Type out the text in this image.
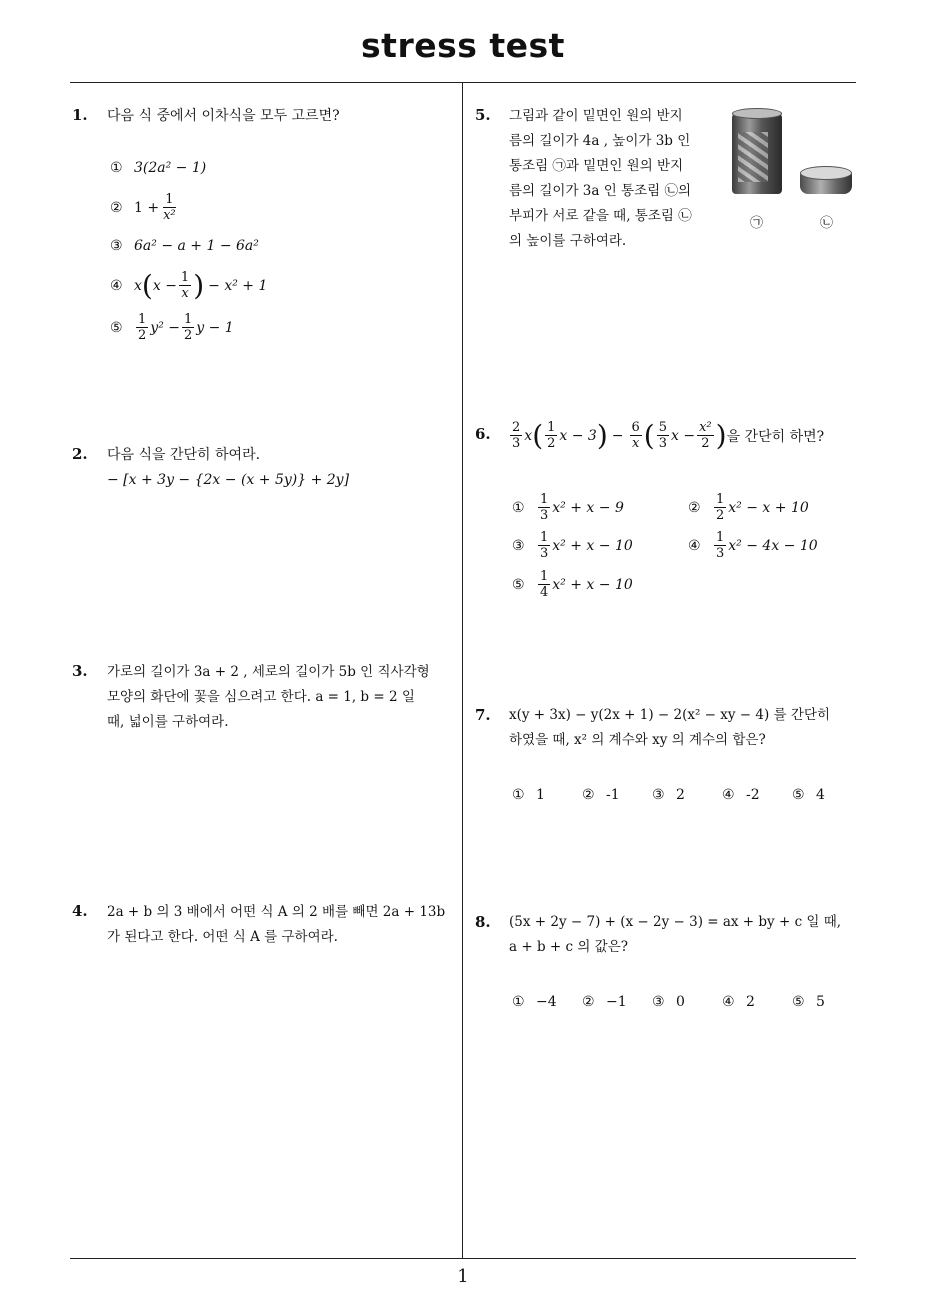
stress test
1
1. 다음 식 중에서 이차식을 모두 고르면?
① 3(2a² − 1)
② $1 + \frac{1}{\text{x²}}$
③ 6a² − a + 1 − 6a²
④ x ( $x - \frac{1}{x}$ ) − x² + 1
⑤	$\frac{1}{2} y^2 - \frac{1}{2}$ y − 1
2. 다음 식을 간단히 하여라.
− [x + 3y − {2x − (x + 5y)} + 2y]
3. 가로의 길이가 3a + 2 , 세로의 길이가 5b 인 직사각형
모양의 화단에 꽃을 심으려고 한다. a = 1, b = 2 일
때, 넓이를 구하여라.
4. 2a + b 의 3 배에서 어떤 식 A 의 2 배를 빼면 2a + 13b
가 된다고 한다. 어떤 식 A 를 구하여라.
5. 그림과 같이 밑면인 원의 반지
름의 길이가 4a , 높이가 3b 인
통조림 ㉠과 밑면인 원의 반지
름의 길이가 3a 인 통조림 ㉡의
부피가 서로 같을 때, 통조림 ㉡
의 높이를 구하여라.
㉠	㉡
6. $\frac{2}{3}$ x ( $\frac{1}{2}$ x − 3 ) − $\frac{6}{x}$ ( $\frac{5}{3}$ $x - \frac{\text{x²}}{2}$ ) 을 간단히 하면?
①	$\frac{1}{3} x^2 + x - 9$	②	$\frac{1}{2} x^2 - x + 10$
③	$\frac{1}{3} x^2 + x - 10$	④	$\frac{1}{3} x^2 - 4x - 10$
⑤	$\frac{1}{4} x^2 + x - 10$
7. x(y + 3x) − y(2x + 1) − 2(x² − xy − 4) 를 간단히
하였을 때, x² 의 계수와 xy 의 계수의 합은?
① 1	② -1 ③ 2	④ -2 ⑤ 4
8. (5x + 2y − 7) + (x − 2y − 3) = ax + by + c 일 때,
a + b + c 의 값은?
① −4 ② −1 ③ 0	④ 2	⑤ 5
